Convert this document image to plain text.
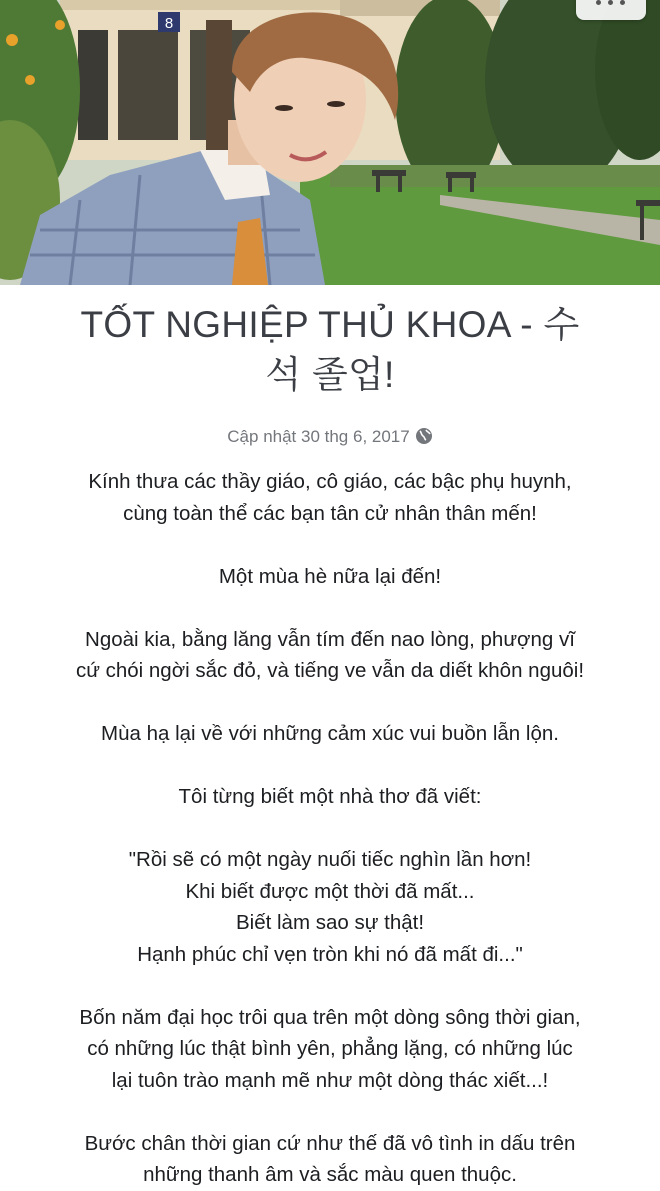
8
TỐT NGHIỆP THỦ KHOA - 수
석 졸업!
Cập nhật 30 thg 6, 2017

Kính thưa các thầy giáo, cô giáo, các bậc phụ huynh,
cùng toàn thể các bạn tân cử nhân thân mến!

Một mùa hè nữa lại đến!

Ngoài kia, bằng lăng vẫn tím đến nao lòng, phượng vĩ
cứ chói ngời sắc đỏ, và tiếng ve vẫn da diết khôn nguôi!

Mùa hạ lại về với những cảm xúc vui buồn lẫn lộn.

Tôi từng biết một nhà thơ đã viết:

"Rồi sẽ có một ngày nuối tiếc nghìn lần hơn!
Khi biết được một thời đã mất...
Biết làm sao sự thật!
Hạnh phúc chỉ vẹn tròn khi nó đã mất đi..."

Bốn năm đại học trôi qua trên một dòng sông thời gian,
có những lúc thật bình yên, phẳng lặng, có những lúc
lại tuôn trào mạnh mẽ như một dòng thác xiết...!

Bước chân thời gian cứ như thế đã vô tình in dấu trên
những thanh âm và sắc màu quen thuộc.
